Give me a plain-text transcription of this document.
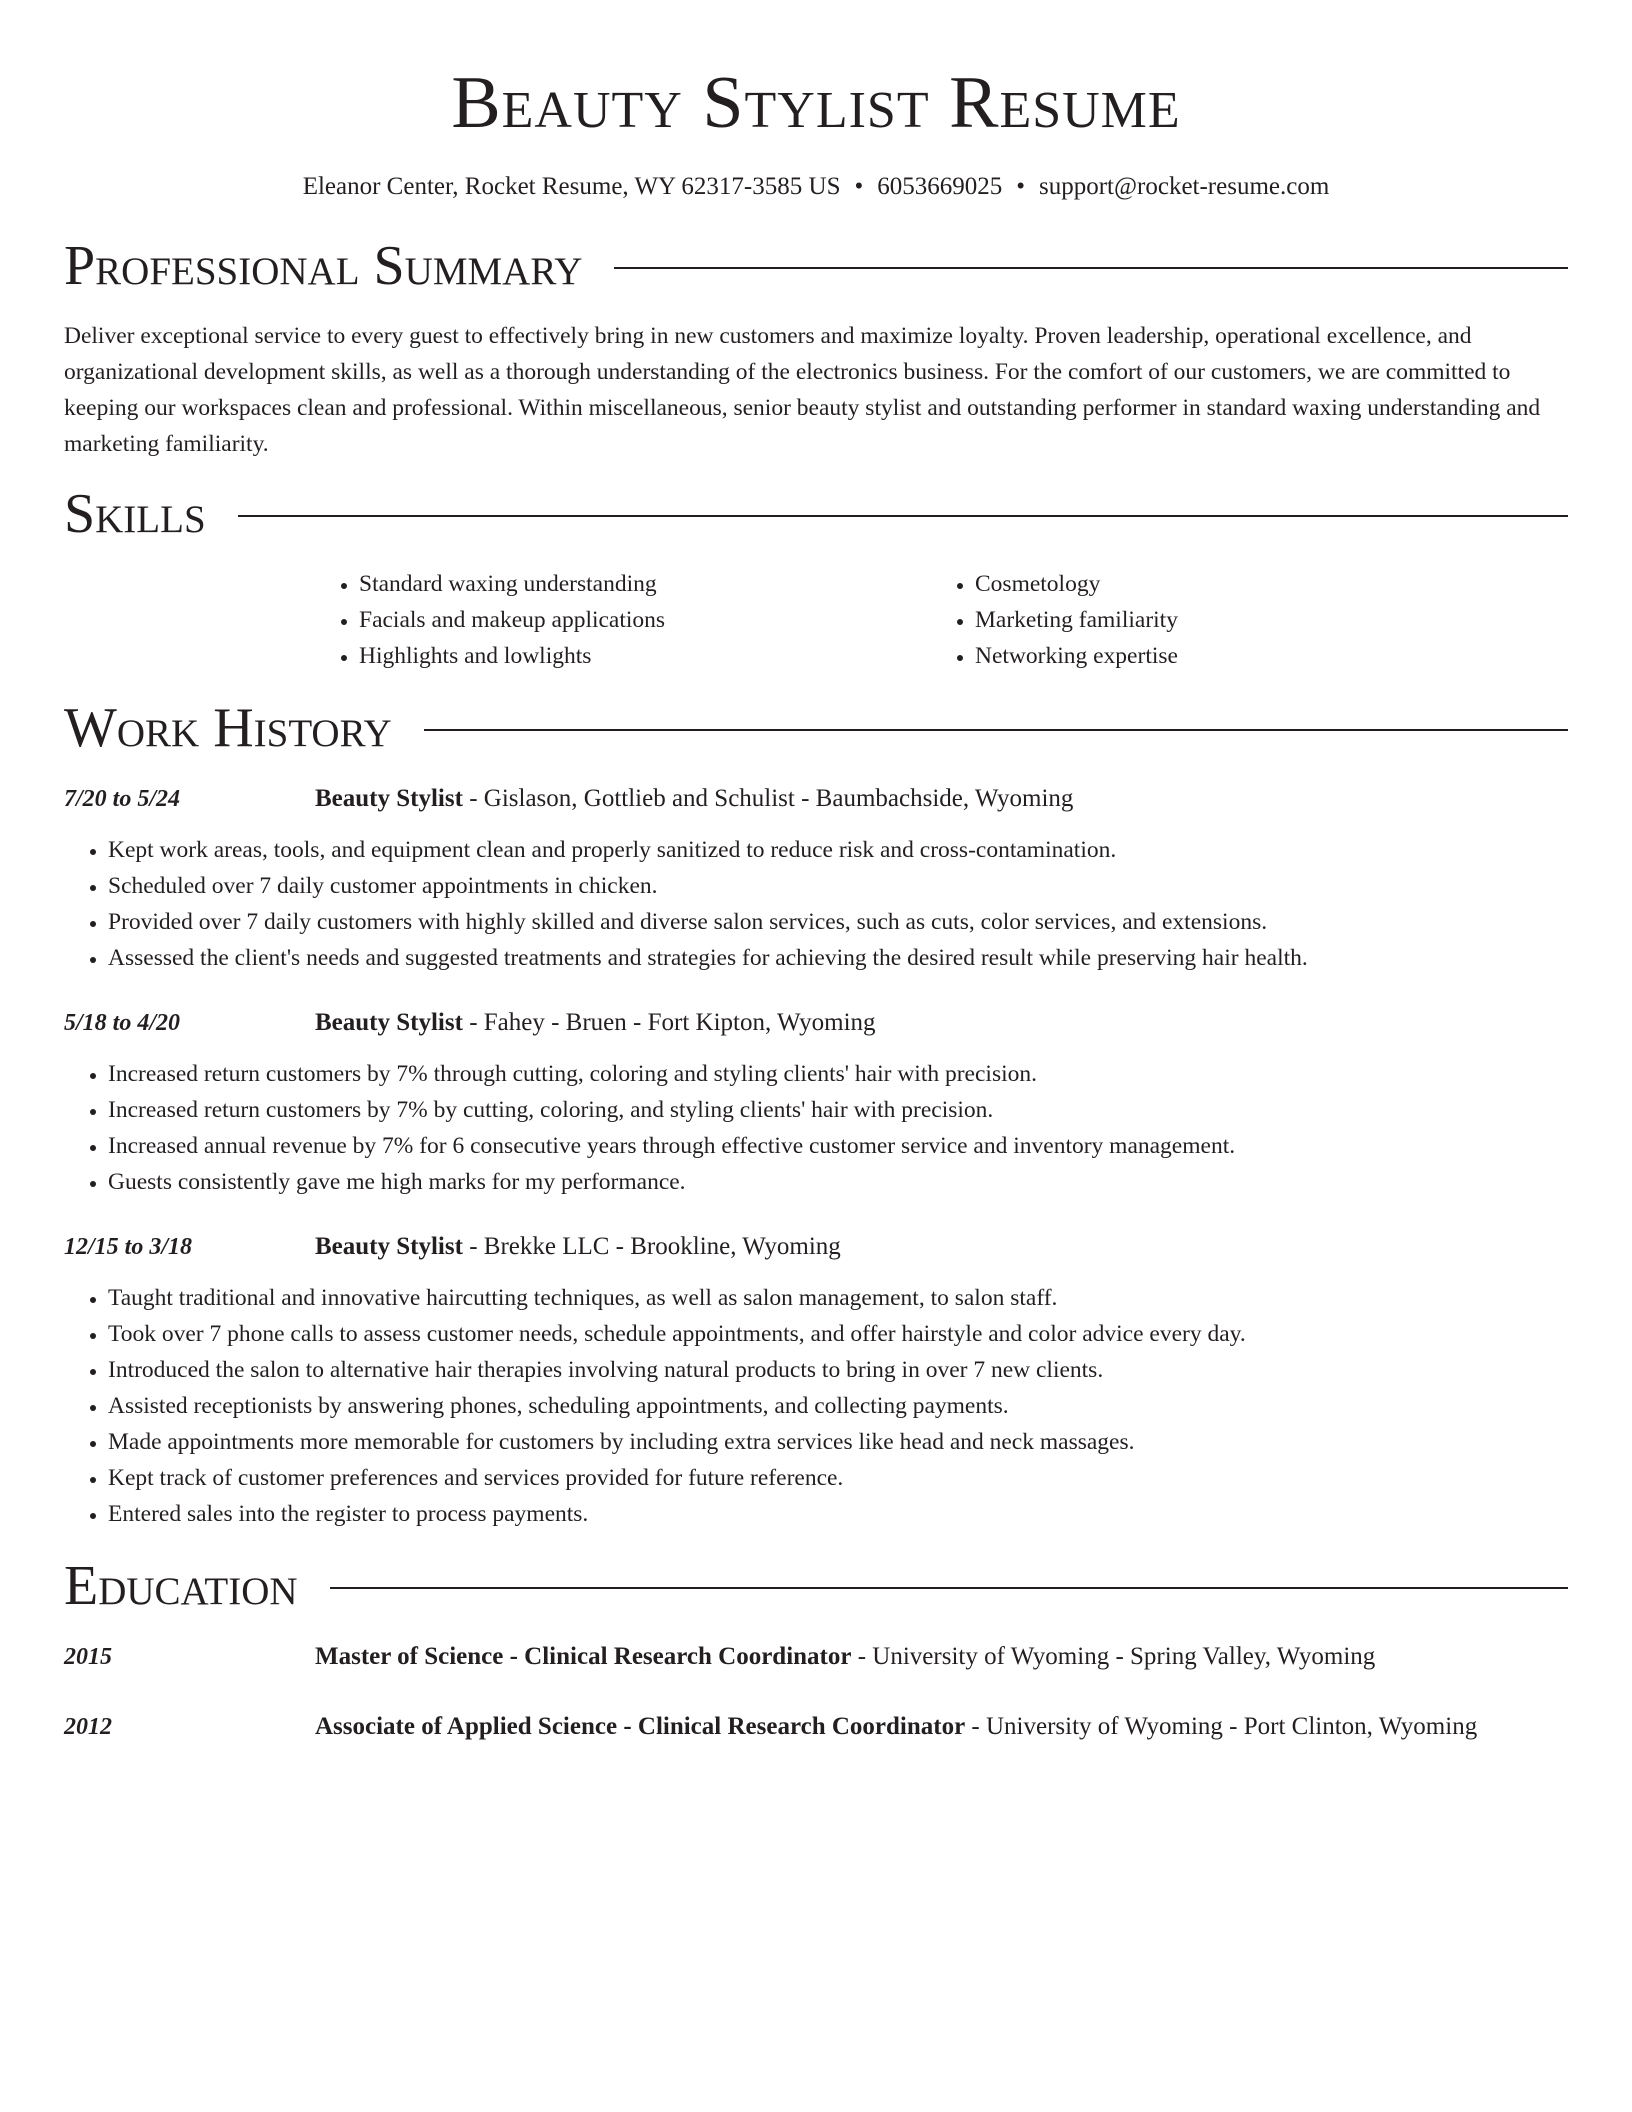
Beauty Stylist Resume
Eleanor Center, Rocket Resume, WY 62317-3585 US • 6053669025 • support@rocket-resume.com
Professional Summary

Deliver exceptional service to every guest to effectively bring in new customers and maximize loyalty. Proven leadership, operational excellence, and organizational development skills, as well as a thorough understanding of the electronics business. For the comfort of our customers, we are committed to keeping our workspaces clean and professional. Within miscellaneous, senior beauty stylist and outstanding performer in standard waxing understanding and marketing familiarity.

Skills
• Standard waxing understanding
• Facials and makeup applications
• Highlights and lowlights
• Cosmetology
• Marketing familiarity
• Networking expertise
Work History
7/20 to 5/24	Beauty Stylist - Gislason, Gottlieb and Schulist - Baumbachside, Wyoming
• Kept work areas, tools, and equipment clean and properly sanitized to reduce risk and cross-contamination.
• Scheduled over 7 daily customer appointments in chicken.
• Provided over 7 daily customers with highly skilled and diverse salon services, such as cuts, color services, and extensions.
• Assessed the client's needs and suggested treatments and strategies for achieving the desired result while preserving hair health.
5/18 to 4/20	Beauty Stylist - Fahey - Bruen - Fort Kipton, Wyoming
• Increased return customers by 7% through cutting, coloring and styling clients' hair with precision.
• Increased return customers by 7% by cutting, coloring, and styling clients' hair with precision.
• Increased annual revenue by 7% for 6 consecutive years through effective customer service and inventory management.
• Guests consistently gave me high marks for my performance.
12/15 to 3/18	Beauty Stylist - Brekke LLC - Brookline, Wyoming
• Taught traditional and innovative haircutting techniques, as well as salon management, to salon staff.
• Took over 7 phone calls to assess customer needs, schedule appointments, and offer hairstyle and color advice every day.
• Introduced the salon to alternative hair therapies involving natural products to bring in over 7 new clients.
• Assisted receptionists by answering phones, scheduling appointments, and collecting payments.
• Made appointments more memorable for customers by including extra services like head and neck massages.
• Kept track of customer preferences and services provided for future reference.
• Entered sales into the register to process payments.
Education
2015	Master of Science - Clinical Research Coordinator - University of Wyoming - Spring Valley, Wyoming
2012	Associate of Applied Science - Clinical Research Coordinator - University of Wyoming - Port Clinton, Wyoming
